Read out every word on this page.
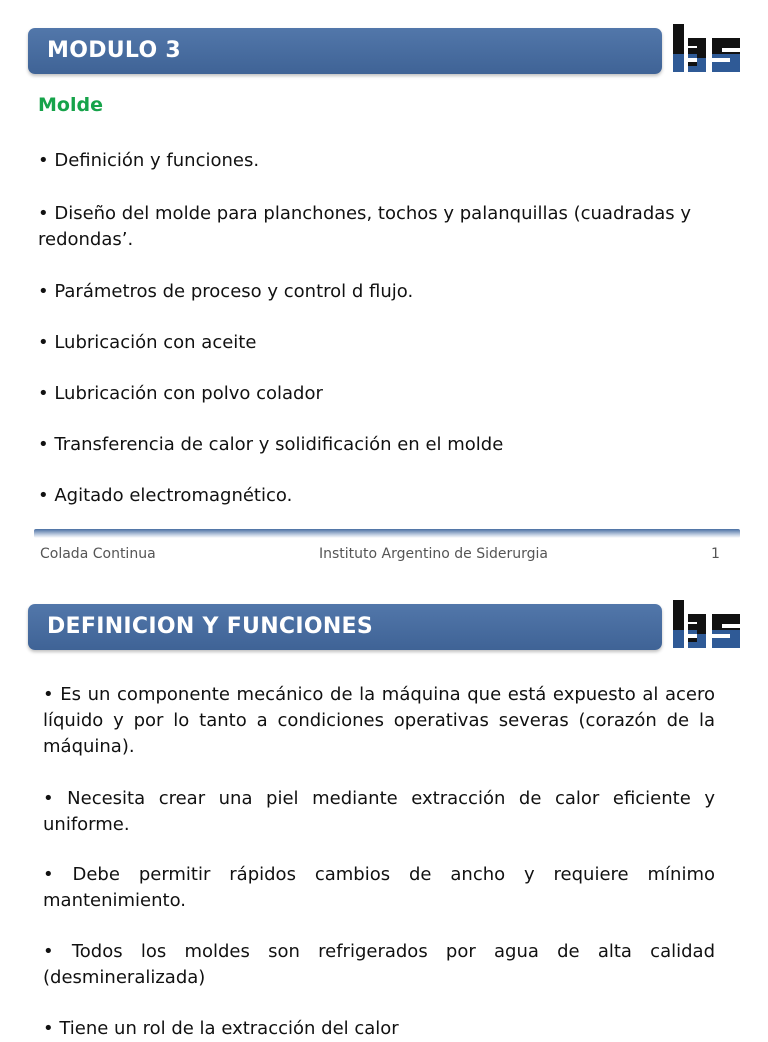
MODULO 3
Molde
• Definición y funciones.
• Diseño del molde para planchones, tochos y palanquillas (cuadradas y redondas’.
• Parámetros de proceso y control d flujo.
• Lubricación con aceite
• Lubricación con polvo colador
• Transferencia de calor y solidificación en el molde
• Agitado electromagnético.
Colada Continua	Instituto Argentino de Siderurgia	1
DEFINICION Y FUNCIONES
• Es un componente mecánico de la máquina que está expuesto al acero líquido y por lo tanto a condiciones operativas severas (corazón de la máquina).
• Necesita crear una piel mediante extracción de calor eficiente y uniforme.
• Debe permitir rápidos cambios de ancho y requiere mínimo mantenimiento.
• Todos los moldes son refrigerados por agua de alta calidad (desmineralizada)
• Tiene un rol de la extracción del calor
